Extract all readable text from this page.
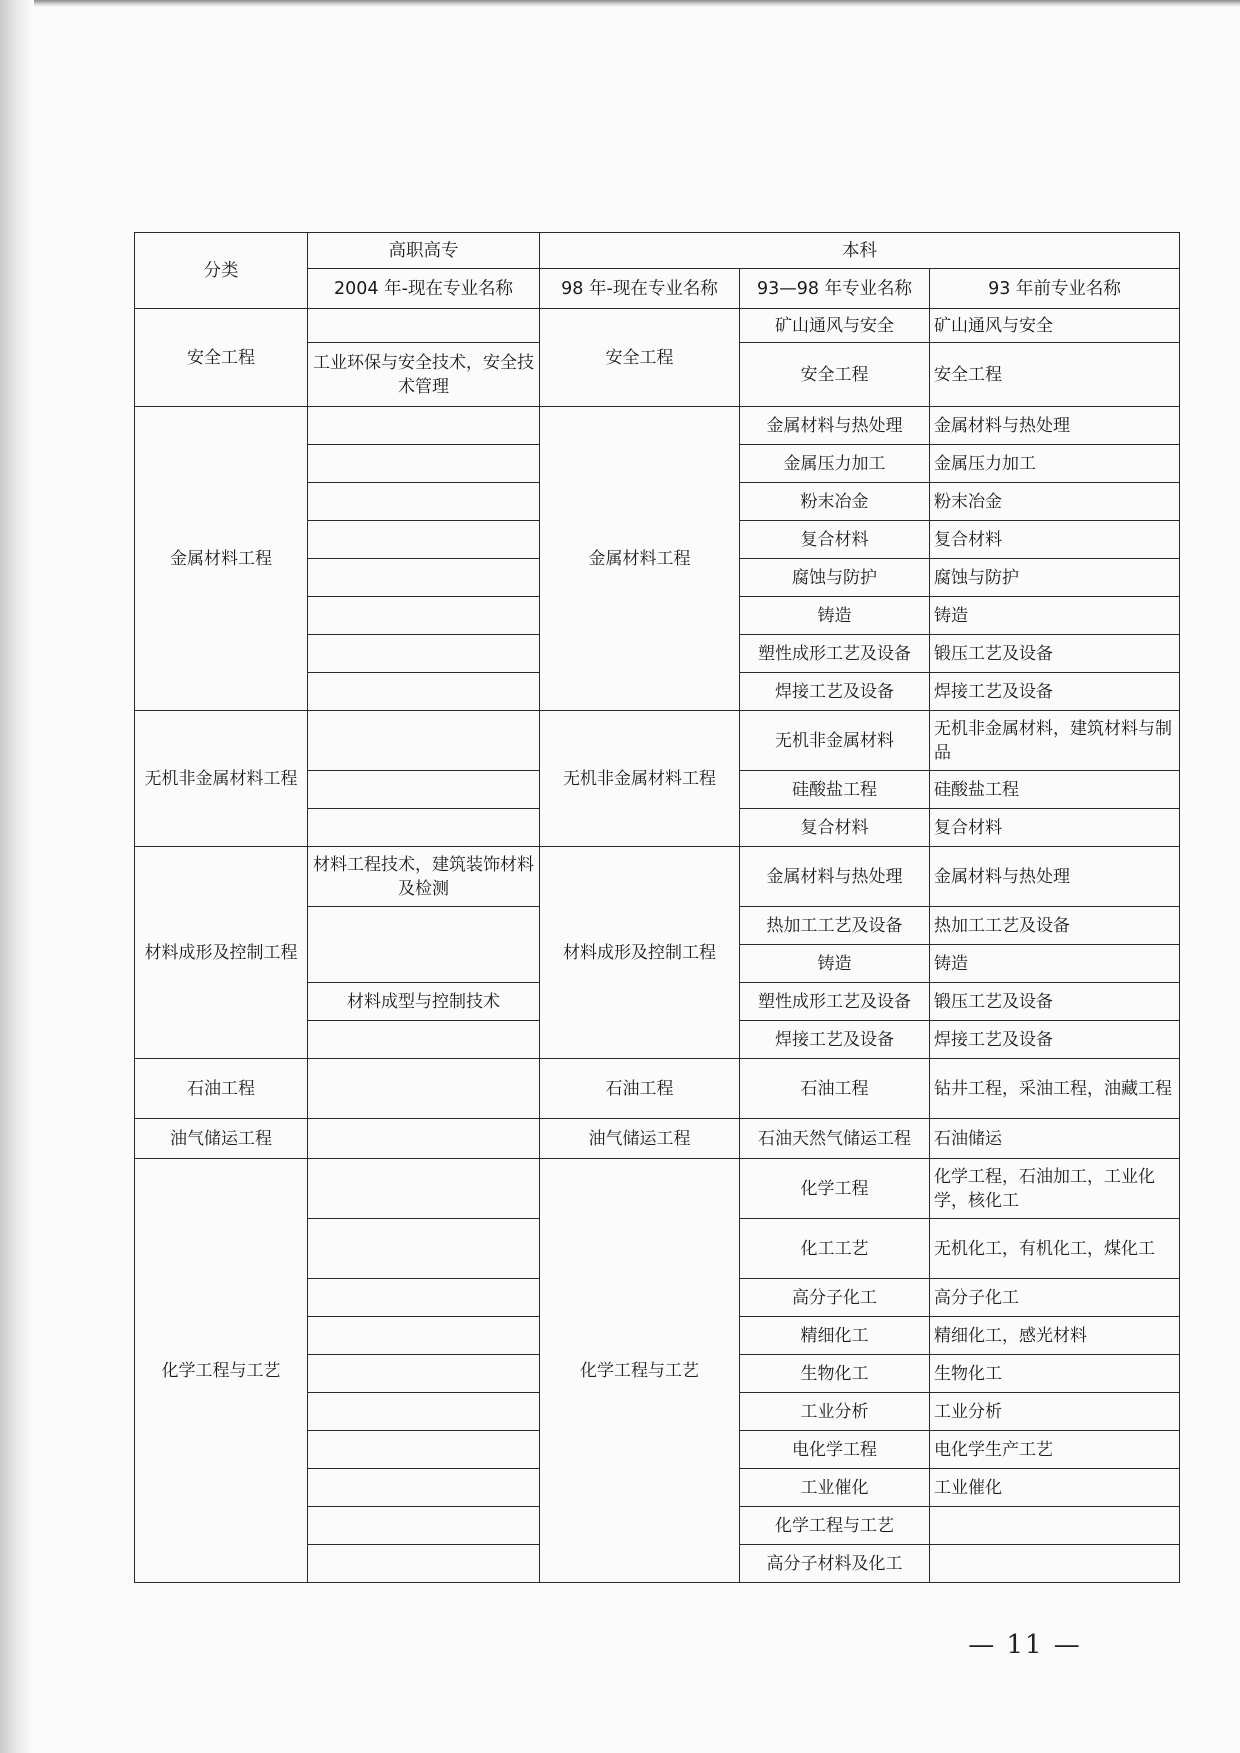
分类	高职高专	本科		
	2004 年-现在专业名称	98 年-现在专业名称	93—98 年专业名称	93 年前专业名称
安全工程		安全工程	矿山通风与安全	矿山通风与安全
	工业环保与安全技术，安全技术管理		安全工程	安全工程
金属材料工程		金属材料工程	金属材料与热处理	金属材料与热处理
			金属压力加工	金属压力加工
			粉末冶金	粉末冶金
			复合材料	复合材料
			腐蚀与防护	腐蚀与防护
			铸造	铸造
			塑性成形工艺及设备	锻压工艺及设备
			焊接工艺及设备	焊接工艺及设备
无机非金属材料工程		无机非金属材料工程	无机非金属材料	无机非金属材料，建筑材料与制品
			硅酸盐工程	硅酸盐工程
			复合材料	复合材料
材料成形及控制工程	材料工程技术，建筑装饰材料及检测	材料成形及控制工程	金属材料与热处理	金属材料与热处理
			热加工工艺及设备	热加工工艺及设备
			铸造	铸造
	材料成型与控制技术		塑性成形工艺及设备	锻压工艺及设备
			焊接工艺及设备	焊接工艺及设备
石油工程		石油工程	石油工程	钻井工程，采油工程，油藏工程
油气储运工程		油气储运工程	石油天然气储运工程	石油储运
化学工程与工艺		化学工程与工艺	化学工程	化学工程，石油加工，工业化学，核化工
			化工工艺	无机化工，有机化工，煤化工
			高分子化工	高分子化工
			精细化工	精细化工，感光材料
			生物化工	生物化工
			工业分析	工业分析
			电化学工程	电化学生产工艺
			工业催化	工业催化
			化学工程与工艺	
			高分子材料及化工	
— 11 —
